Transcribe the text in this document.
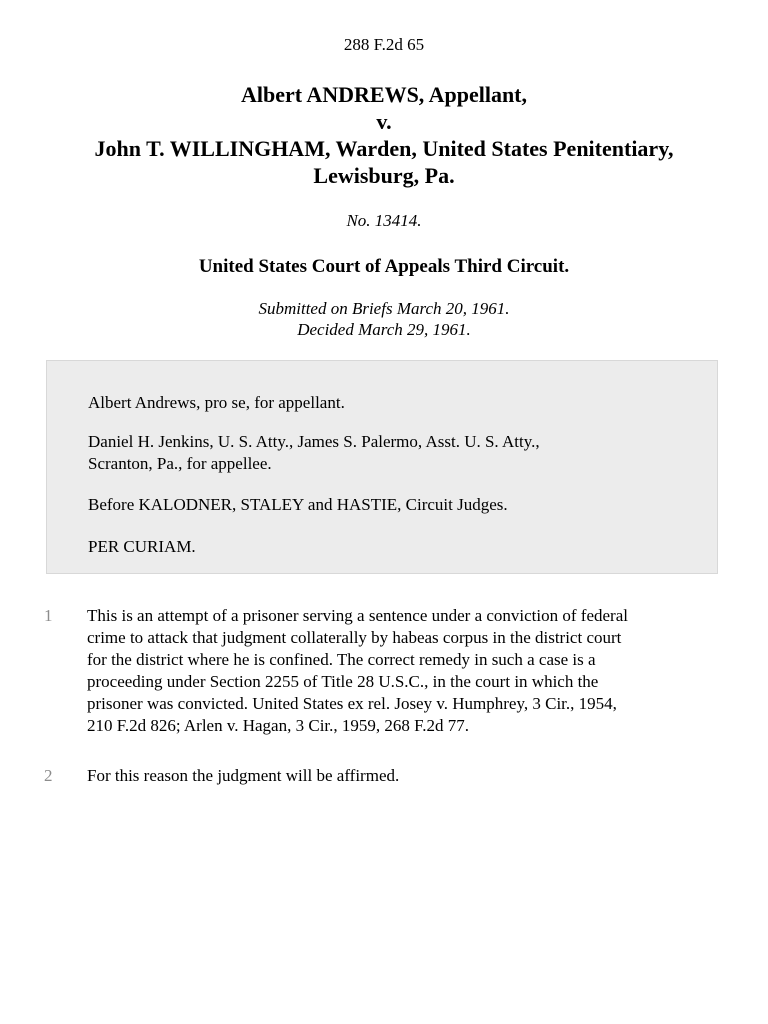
288 F.2d 65
Albert ANDREWS, Appellant,
v.
John T. WILLINGHAM, Warden, United States Penitentiary,
Lewisburg, Pa.
No. 13414.
United States Court of Appeals Third Circuit.
Submitted on Briefs March 20, 1961.
Decided March 29, 1961.

Albert Andrews, pro se, for appellant.

Daniel H. Jenkins, U. S. Atty., James S. Palermo, Asst. U. S. Atty.,
Scranton, Pa., for appellee.

Before KALODNER, STALEY and HASTIE, Circuit Judges.

PER CURIAM.

1	This is an attempt of a prisoner serving a sentence under a conviction of federal
crime to attack that judgment collaterally by habeas corpus in the district court
for the district where he is confined. The correct remedy in such a case is a
proceeding under Section 2255 of Title 28 U.S.C., in the court in which the
prisoner was convicted. United States ex rel. Josey v. Humphrey, 3 Cir., 1954,
210 F.2d 826; Arlen v. Hagan, 3 Cir., 1959, 268 F.2d 77.

2	For this reason the judgment will be affirmed.
